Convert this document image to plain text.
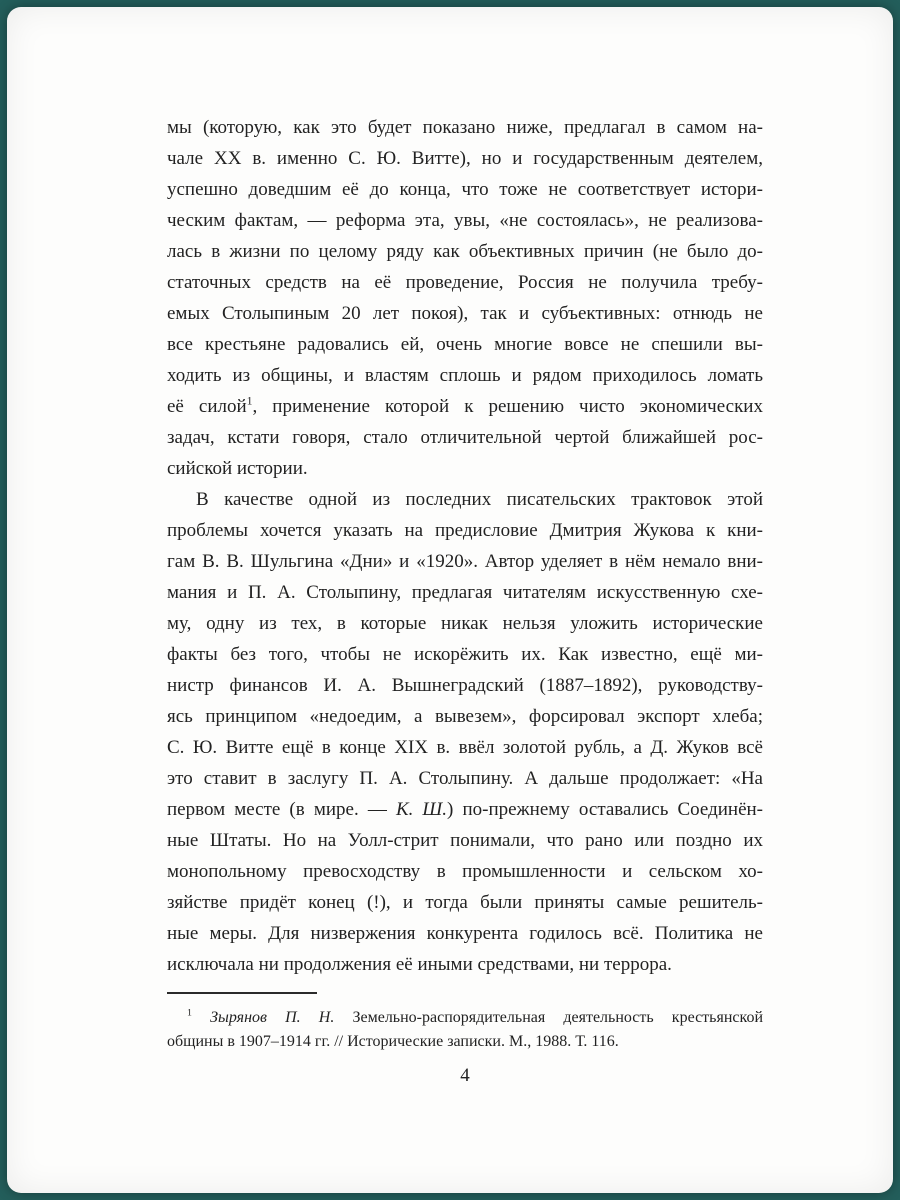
мы (которую, как это будет показано ниже, предлагал в самом на-
чале XX в. именно С. Ю. Витте), но и государственным деятелем,
успешно доведшим её до конца, что тоже не соответствует истори-
ческим фактам, — реформа эта, увы, «не состоялась», не реализова-
лась в жизни по целому ряду как объективных причин (не было до-
статочных средств на её проведение, Россия не получила требу-
емых Столыпиным 20 лет покоя), так и субъективных: отнюдь не
все крестьяне радовались ей, очень многие вовсе не спешили вы-
ходить из общины, и властям сплошь и рядом приходилось ломать
её силой$^1$, применение которой к решению чисто экономических
задач, кстати говоря, стало отличительной чертой ближайшей рос-
сийской истории.
В качестве одной из последних писательских трактовок этой
проблемы хочется указать на предисловие Дмитрия Жукова к кни-
гам В. В. Шульгина «Дни» и «1920». Автор уделяет в нём немало вни-
мания и П. А. Столыпину, предлагая читателям искусственную схе-
му, одну из тех, в которые никак нельзя уложить исторические
факты без того, чтобы не искорёжить их. Как известно, ещё ми-
нистр финансов И. А. Вышнеградский (1887–1892), руководству-
ясь принципом «недоедим, а вывезем», форсировал экспорт хлеба;
С. Ю. Витте ещё в конце XIX в. ввёл золотой рубль, а Д. Жуков всё
это ставит в заслугу П. А. Столыпину. А дальше продолжает: «На
первом месте (в мире. — К. Ш.) по-прежнему оставались Соединён-
ные Штаты. Но на Уолл-стрит понимали, что рано или поздно их
монопольному превосходству в промышленности и сельском хо-
зяйстве придёт конец (!), и тогда были приняты самые решитель-
ные меры. Для низвержения конкурента годилось всё. Политика не
исключала ни продолжения её иными средствами, ни террора.
$^1$ Зырянов П. Н. Земельно-распорядительная деятельность крестьянской
общины в 1907–1914 гг. // Исторические записки. М., 1988. Т. 116.
4
